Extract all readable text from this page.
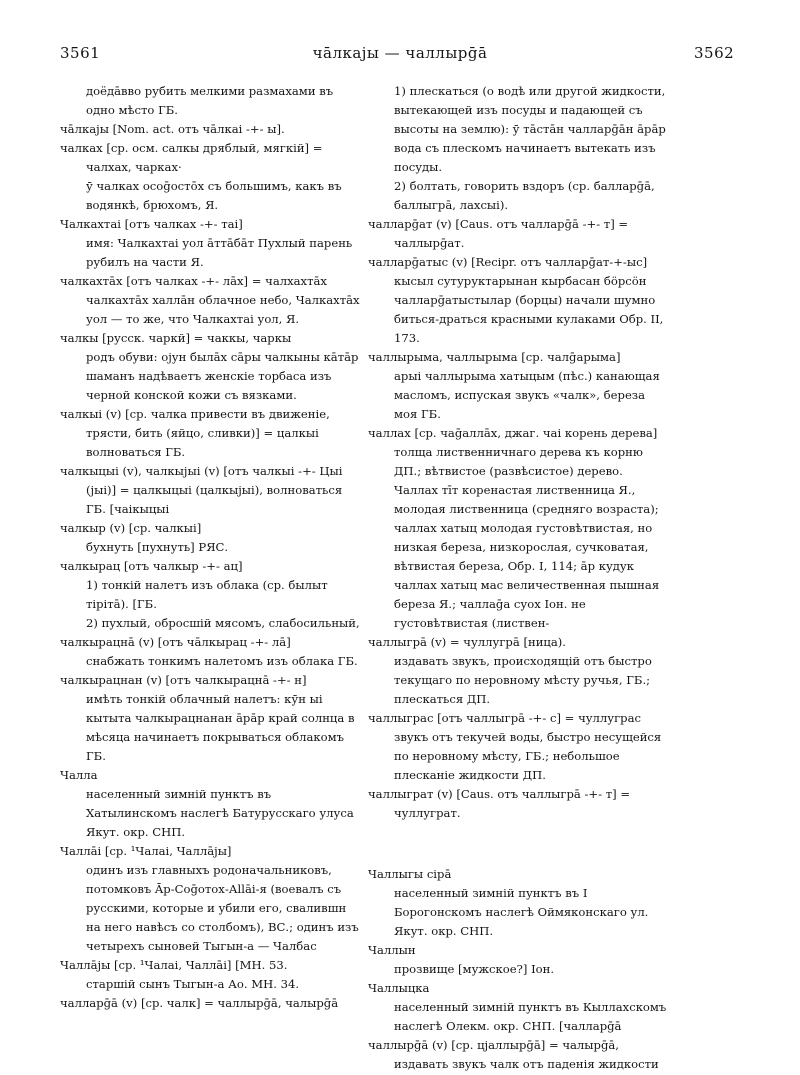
3561	чāлкаjы — чаллырḡā	3562

доёдāвво рубить мелкими размахами въ одно мѣсто ГБ.

чāлкаjы [Nom. act. отъ чāлкаі -+- ы].

чалках [ср. осм. салкы дряблый, мягкій] = чалхах, чарках·

ӯ чалках осоḡостōх съ большимъ, какъ въ водянкѣ, брюхомъ, Я.

Чалкахтаі [отъ чалках -+- таі]

имя: Чалкахтаі уол āттāбāт Пухлый парень рубилъ на части Я.

чалкахтāх [отъ чалках -+- лāх] = чалхахтāх

чалкахтāх халлāн облачное небо, Чалкахтāх уол — то же, что Чалкахтаі уол, Я.

чалкы [русск. чаркй] = чаккы, чаркы

родъ обуви: оjун былāх сāры чалкыны кāтāр шаманъ надѣваетъ женскіе торбаса изъ черной конской кожи съ вязками.

чалкыі (v) [ср. чалка привести въ движеніе, трясти, бить (яйцо, сливки)] = цалкыі

волноваться ГБ.

чалкыцыі (v), чалкыjыі (v) [отъ чалкыі -+- Цыі (jыі)] = цалкыцыі (цалкыjыі), волноваться ГБ. [чаікыцыі

чалкыр (v) [ср. чалкыі]

бухнуть [пухнуть] РЯС.

чалкырац [отъ чалкыр -+- ац]

1) тонкій налетъ изъ облака (ср. былыт тірітā). [ГБ.

2) пухлый, обросшій мясомъ, слабосильный,

чалкырацнā (v) [отъ чāлкырац -+- лā]

снабжать тонкимъ налетомъ изъ облака ГБ.

чалкырацнан (v) [отъ чалкырацнā -+- н]

имѣть тонкій облачный налетъ: кӯн ыі кытыта чалкырацнанан āрāр край солнца в мѣсяца начинаетъ покрываться облакомъ ГБ.

Чалла

населенный зимній пунктъ въ Хатылинскомъ наслегѣ Батурусскаго улуса Якут. окр. СНП.

Чаллāі [ср. ¹Чалаі, Чаллājы]

одинъ изъ главныхъ родоначальниковъ, потомковъ Āр-Соḡотох-Аllāі-я (воевалъ съ русскими, которые и убили его, свалившн на него навѣсъ со столбомъ), ВС.; одинъ изъ четырехъ сыновей Тыгын-а — Чалбас

Чаллājы [ср. ¹Чалаі, Чаллāі] [МН. 53.

старшій сынъ Тыгын-а Ао. МН. 34.

чалларḡā (v) [ср. чалк] = чаллырḡā, чалырḡā

1) плескаться (о водѣ или другой жидкости, вытекающей изъ посуды и падающей съ высоты на землю): ӯ тāстāн чалларḡāн āрāр вода съ плескомъ начинаетъ вытекать изъ посуды.

2) болтать, говорить вздоръ (ср. балларḡā, баллыгрā, лахсыі).

чалларḡат (v) [Caus. отъ чалларḡā -+- т] = чаллырḡат.

чалларḡатыс (v) [Recipr. отъ чалларḡат-+-ыс]

кысыл сутуруктарынан кырбасан бöрсöн чалларḡатыстылар (борцы) начали шумно биться-драться красными кулаками Обр. II, 173.

чаллырыма, чаллырыма [ср. чалḡарыма]

арыі чаллырыма хатыцым (пѣс.) канающая масломъ, испуская звукъ «чалк», береза моя ГБ.

чаллах [ср. чаḡаллāх, джаг. чаі корень дерева]

толща лиственничнаго дерева къ корню ДП.; вѣтвистое (развѣсистое) дерево. Чаллах тīт коренастая лиственница Я., молодая лиственница (средняго возраста); чаллах хатыц молодая густовѣтвистая, но низкая береза, низкорослая, сучковатая, вѣтвистая береза, Обр. I, 114; āр кудук чаллах хатыц мас величественная пышная береза Я.; чаллаḡа суох Іон. не густовѣтвистая (листвен-

чаллыгрā (v) = чуллугрā [ница).

издавать звукъ, происходящій отъ быстро текущаго по неровному мѣсту ручья, ГБ.; плескаться ДП.

чаллыграс [отъ чаллыгрā -+- с] = чуллуграс

звукъ отъ текучей воды, быстро несущейся по неровному мѣсту, ГБ.; небольшое плесканіе жидкости ДП.

чаллыграт (v) [Caus. отъ чаллыгрā -+- т] = чуллуграт.

Чаллыгы сірā

населенный зимній пунктъ въ I Борогонскомъ наслегѣ Оймяконскаго ул. Якут. окр. СНП.

Чаллын

прозвище [мужское?] Іон.

Чаллыцка

населенный зимній пунктъ въ Кыллахскомъ наслегѣ Олекм. окр. СНП. [чалларḡā

чаллырḡā (v) [ср. цjаллырḡā] = чалырḡā,

издавать звукъ чалк отъ паденія жидкости
